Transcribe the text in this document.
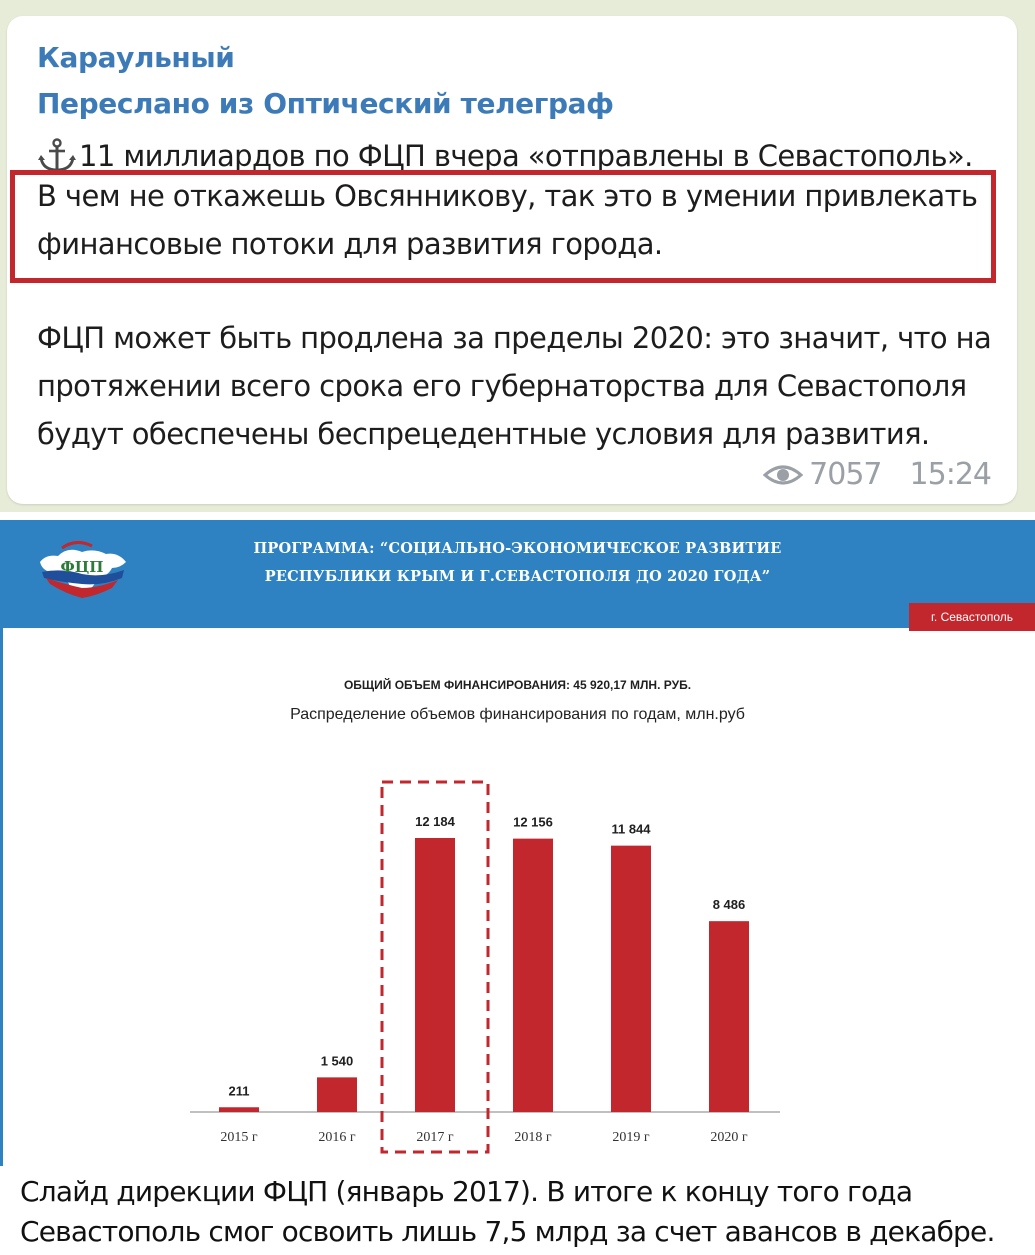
Караульный

Переслано из Оптический телеграф

11 миллиардов по ФЦП вчера «отправлены в Севастополь».

В чем не откажешь Овсянникову, так это в умении привлекать

финансовые потоки для развития города.

ФЦП может быть продлена за пределы 2020: это значит, что на

протяжении всего срока его губернаторства для Севастополя

будут обеспечены беспрецедентные условия для развития.

7057 15:24
ФЦП
ПРОГРАММА: “СОЦИАЛЬНО-ЭКОНОМИЧЕСКОЕ РАЗВИТИЕ
РЕСПУБЛИКИ КРЫМ И Г.СЕВАСТОПОЛЯ ДО 2020 ГОДА”
г. Севастополь
ОБЩИЙ ОБЪЕМ ФИНАНСИРОВАНИЯ: 45 920,17 МЛН. РУБ.
Распределение объемов финансирования по годам, млн.руб
211
2015 г
1 540
2016 г
12 184
2017 г
12 156
2018 г
11 844
2019 г
8 486
2020 г

Слайд дирекции ФЦП (январь 2017). В итоге к концу того года
Севастополь смог освоить лишь 7,5 млрд за счет авансов в декабре.
